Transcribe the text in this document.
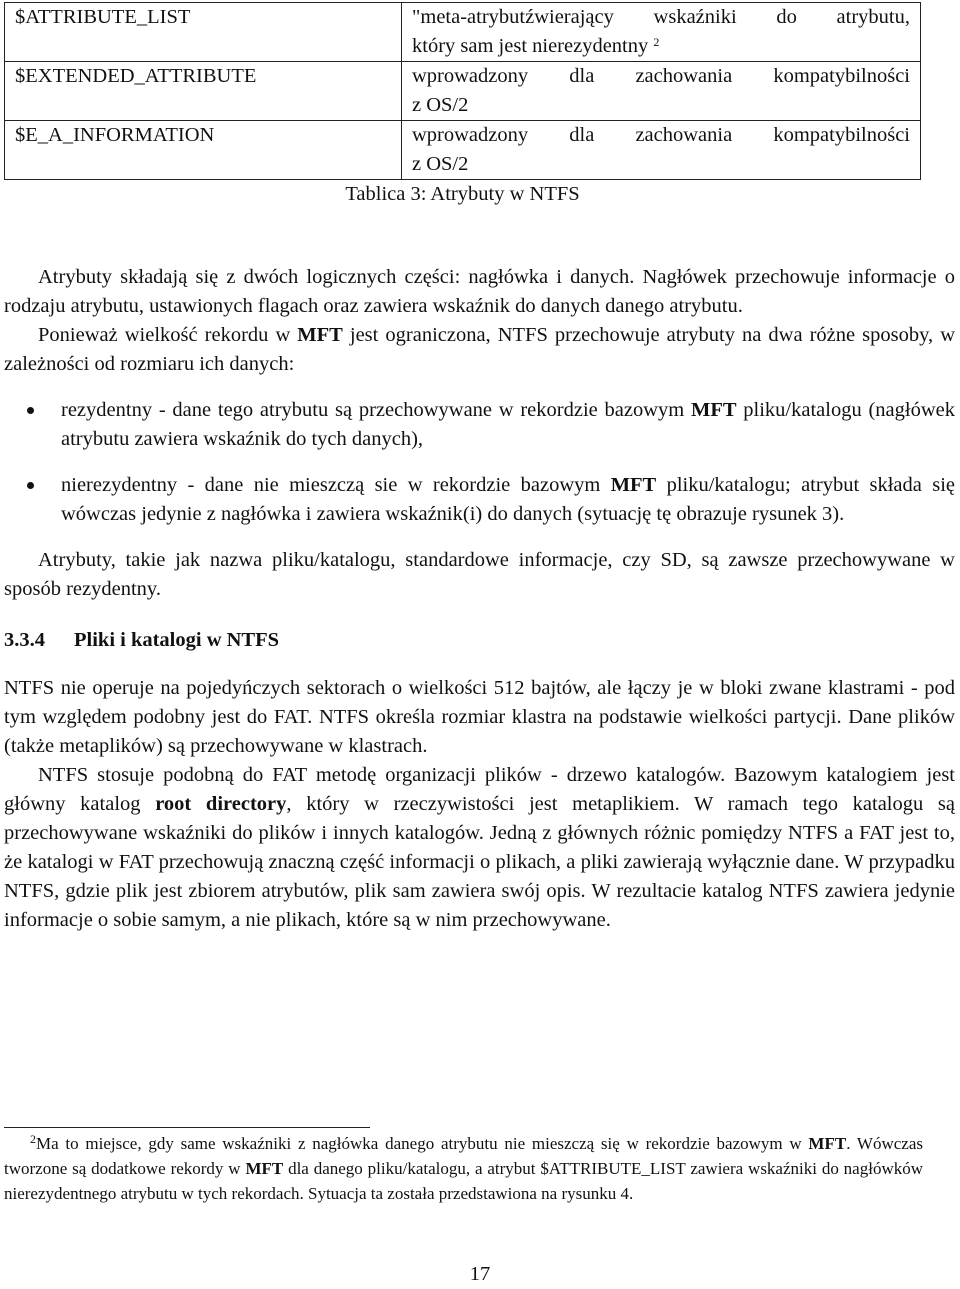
$ATTRIBUTE_LIST	"meta-atrybutźwierający wskaźniki do atrybutu,
który sam jest nierezydentny $^2$

$EXTENDED_ATTRIBUTE	wprowadzony dla zachowania kompatybilności
z OS/2

$E_A_INFORMATION	wprowadzony dla zachowania kompatybilności
z OS/2
Tablica 3: Atrybuty w NTFS

Atrybuty składają się z dwóch logicznych części: nagłówka i danych. Nagłówek przechowuje informacje o rodzaju atrybutu, ustawionych flagach oraz zawiera wskaźnik do danych danego atrybutu.

Ponieważ wielkość rekordu w MFT jest ograniczona, NTFS przechowuje atrybuty na dwa różne sposoby, w zależności od rozmiaru ich danych:

rezydentny - dane tego atrybutu są przechowywane w rekordzie bazowym MFT pliku/katalogu (nagłówek atrybutu zawiera wskaźnik do tych danych),
nierezydentny - dane nie mieszczą sie w rekordzie bazowym MFT pliku/katalogu; atrybut składa się wówczas jedynie z nagłówka i zawiera wskaźnik(i) do danych (sytuację tę obrazuje rysunek 3).

Atrybuty, takie jak nazwa pliku/katalogu, standardowe informacje, czy SD, są zawsze przechowywane w sposób rezydentny.

3.3.4 Pliki i katalogi w NTFS

NTFS nie operuje na pojedyńczych sektorach o wielkości 512 bajtów, ale łączy je w bloki zwane klastrami - pod tym względem podobny jest do FAT. NTFS określa rozmiar klastra na podstawie wielkości partycji. Dane plików (także metaplików) są przechowywane w klastrach.

NTFS stosuje podobną do FAT metodę organizacji plików - drzewo katalogów. Bazowym katalogiem jest główny katalog root directory, który w rzeczywistości jest metaplikiem. W ramach tego katalogu są przechowywane wskaźniki do plików i innych katalogów. Jedną z głównych różnic pomiędzy NTFS a FAT jest to, że katalogi w FAT przechowują znaczną część informacji o plikach, a pliki zawierają wyłącznie dane. W przypadku NTFS, gdzie plik jest zbiorem atrybutów, plik sam zawiera swój opis. W rezultacie katalog NTFS zawiera jedynie informacje o sobie samym, a nie plikach, które są w nim przechowywane.

$^2$Ma to miejsce, gdy same wskaźniki z nagłówka danego atrybutu nie mieszczą się w rekordzie bazowym w MFT. Wówczas tworzone są dodatkowe rekordy w MFT dla danego pliku/katalogu, a atrybut $ATTRIBUTE_LIST zawiera wskaźniki do nagłówków nierezydentnego atrybutu w tych rekordach. Sytuacja ta została przedstawiona na rysunku 4.
17
